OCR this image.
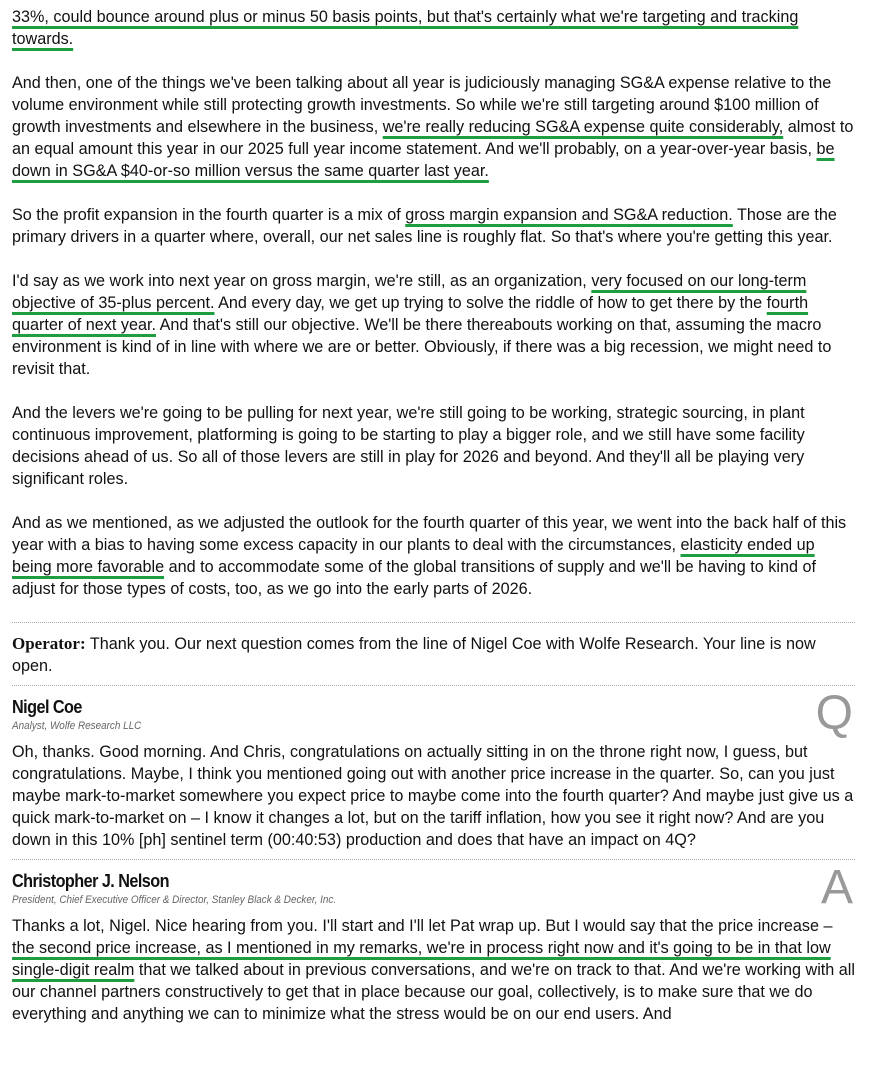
33%, could bounce around plus or minus 50 basis points, but that's certainly what we're targeting and tracking towards.

And then, one of the things we've been talking about all year is judiciously managing SG&A expense relative to the volume environment while still protecting growth investments. So while we're still targeting around $100 million of growth investments and elsewhere in the business, we're really reducing SG&A expense quite considerably, almost to an equal amount this year in our 2025 full year income statement. And we'll probably, on a year-over-year basis, be down in SG&A $40-or-so million versus the same quarter last year.

So the profit expansion in the fourth quarter is a mix of gross margin expansion and SG&A reduction. Those are the primary drivers in a quarter where, overall, our net sales line is roughly flat. So that's where you're getting this year.

I'd say as we work into next year on gross margin, we're still, as an organization, very focused on our long-term objective of 35-plus percent. And every day, we get up trying to solve the riddle of how to get there by the fourth quarter of next year. And that's still our objective. We'll be there thereabouts working on that, assuming the macro environment is kind of in line with where we are or better. Obviously, if there was a big recession, we might need to revisit that.

And the levers we're going to be pulling for next year, we're still going to be working, strategic sourcing, in plant continuous improvement, platforming is going to be starting to play a bigger role, and we still have some facility decisions ahead of us. So all of those levers are still in play for 2026 and beyond. And they'll all be playing very significant roles.

And as we mentioned, as we adjusted the outlook for the fourth quarter of this year, we went into the back half of this year with a bias to having some excess capacity in our plants to deal with the circumstances, elasticity ended up being more favorable and to accommodate some of the global transitions of supply and we'll be having to kind of adjust for those types of costs, too, as we go into the early parts of 2026.

Operator: Thank you. Our next question comes from the line of Nigel Coe with Wolfe Research. Your line is now open.

Nigel Coe
Analyst, Wolfe Research LLC	Q

Oh, thanks. Good morning. And Chris, congratulations on actually sitting in on the throne right now, I guess, but congratulations. Maybe, I think you mentioned going out with another price increase in the quarter. So, can you just maybe mark-to-market somewhere you expect price to maybe come into the fourth quarter? And maybe just give us a quick mark-to-market on – I know it changes a lot, but on the tariff inflation, how you see it right now? And are you down in this 10% [ph] sentinel term (00:40:53) production and does that have an impact on 4Q?

Christopher J. Nelson
President, Chief Executive Officer & Director, Stanley Black & Decker, Inc.	A

Thanks a lot, Nigel. Nice hearing from you. I'll start and I'll let Pat wrap up. But I would say that the price increase – the second price increase, as I mentioned in my remarks, we're in process right now and it's going to be in that low single-digit realm that we talked about in previous conversations, and we're on track to that. And we're working with all our channel partners constructively to get that in place because our goal, collectively, is to make sure that we do everything and anything we can to minimize what the stress would be on our end users. And
